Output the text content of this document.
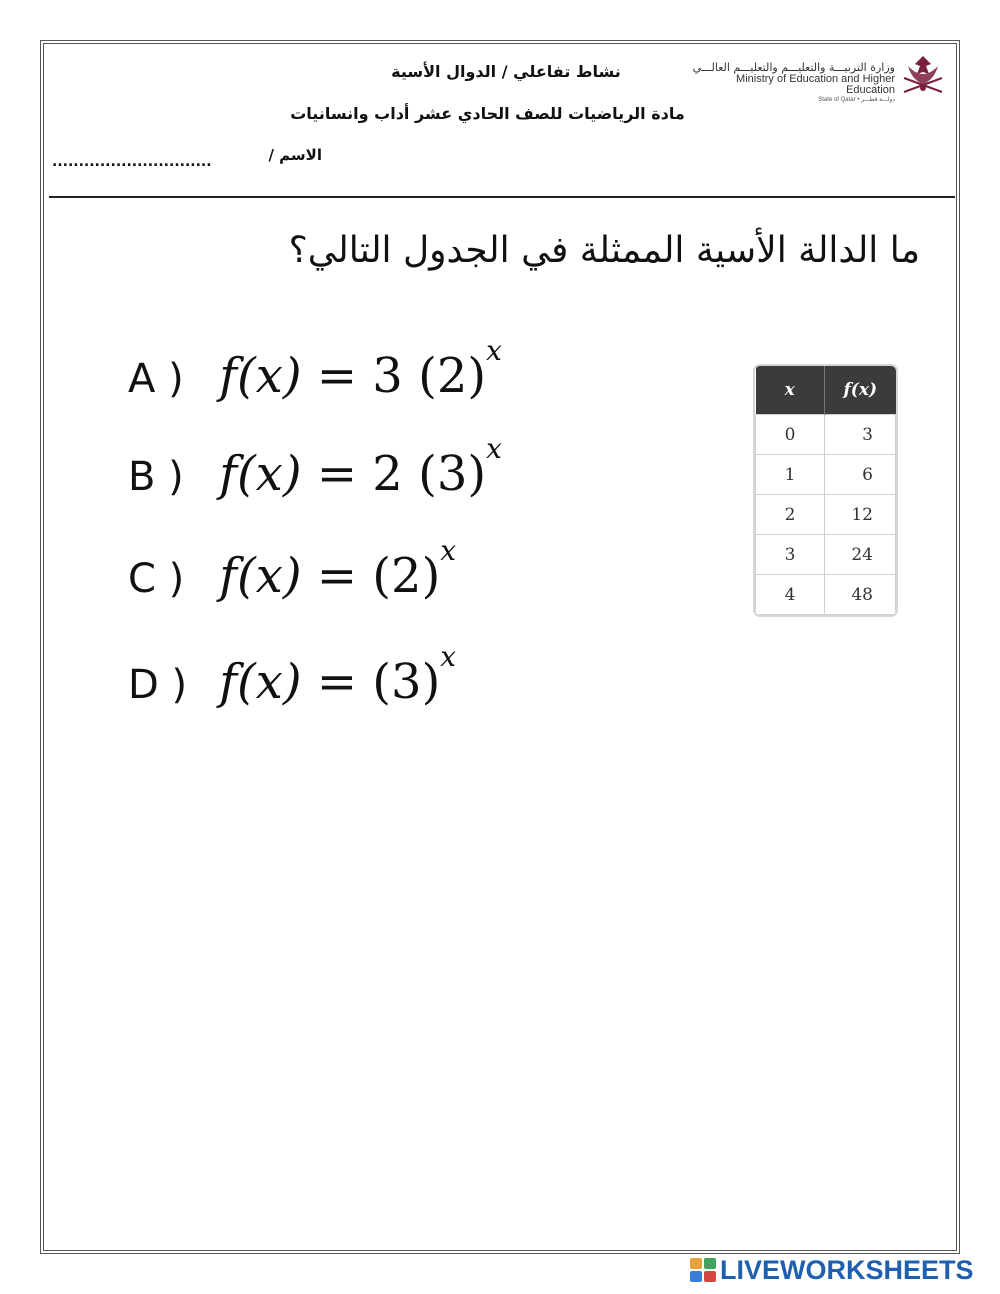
وزارة التربيـــة والتعليـــم والتعليـــم العالـــي
Ministry of Education and Higher Education
State of Qatar • دولـــة قطـــر
نشاط تفاعلي / الدوال الأسية
مادة الرياضيات للصف الحادي عشر أداب وانسانيات
الاسم /
..............................
ما الدالة الأسية الممثلة في الجدول التالي؟
A ) f(x) = 3 $(2)^x$
B ) f(x) = 2 $(3)^x$
C ) $f(x) = (2)^x$
D ) $f(x) = (3)^x$
x	f(x)
0	3
1	6
2	12
3	24
4	48
LIVEWORKSHEETS
